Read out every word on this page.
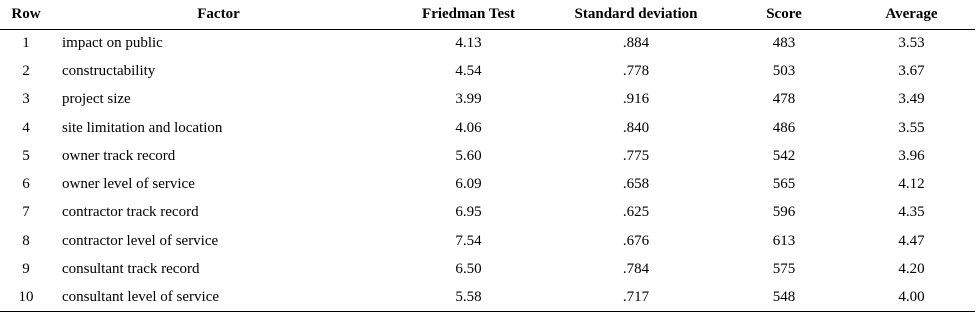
Row	Factor	Friedman Test	Standard deviation	Score	Average
1	impact on public	4.13	.884	483	3.53
2	constructability	4.54	.778	503	3.67
3	project size	3.99	.916	478	3.49
4	site limitation and location	4.06	.840	486	3.55
5	owner track record	5.60	.775	542	3.96
6	owner level of service	6.09	.658	565	4.12
7	contractor track record	6.95	.625	596	4.35
8	contractor level of service	7.54	.676	613	4.47
9	consultant track record	6.50	.784	575	4.20
10	consultant level of service	5.58	.717	548	4.00
